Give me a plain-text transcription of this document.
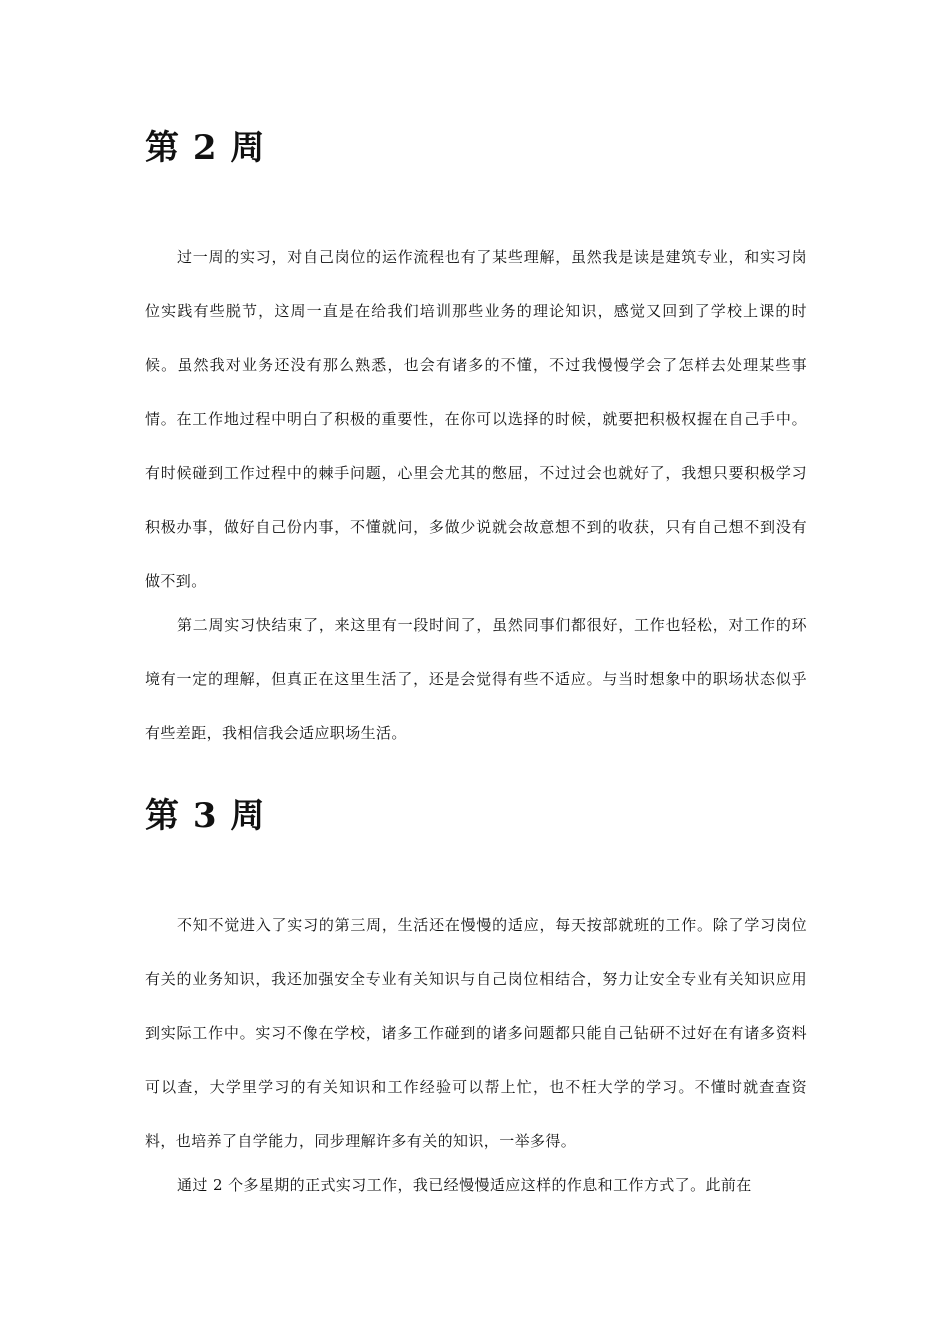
第 2 周

过一周的实习，对自己岗位的运作流程也有了某些理解，虽然我是读是建筑专业，和实习岗位实践有些脱节，这周一直是在给我们培训那些业务的理论知识，感觉又回到了学校上课的时候。虽然我对业务还没有那么熟悉，也会有诸多的不懂，不过我慢慢学会了怎样去处理某些事情。在工作地过程中明白了积极的重要性，在你可以选择的时候，就要把积极权握在自己手中。有时候碰到工作过程中的棘手问题，心里会尤其的憋屈，不过过会也就好了，我想只要积极学习积极办事，做好自己份内事，不懂就问，多做少说就会故意想不到的收获，只有自己想不到没有做不到。

第二周实习快结束了，来这里有一段时间了，虽然同事们都很好，工作也轻松，对工作的环境有一定的理解，但真正在这里生活了，还是会觉得有些不适应。与当时想象中的职场状态似乎有些差距，我相信我会适应职场生活。

第 3 周

不知不觉进入了实习的第三周，生活还在慢慢的适应，每天按部就班的工作。除了学习岗位有关的业务知识，我还加强安全专业有关知识与自己岗位相结合，努力让安全专业有关知识应用到实际工作中。实习不像在学校，诸多工作碰到的诸多问题都只能自己钻研不过好在有诸多资料可以查，大学里学习的有关知识和工作经验可以帮上忙，也不枉大学的学习。不懂时就查查资料，也培养了自学能力，同步理解许多有关的知识，一举多得。

通过 2 个多星期的正式实习工作，我已经慢慢适应这样的作息和工作方式了。此前在
